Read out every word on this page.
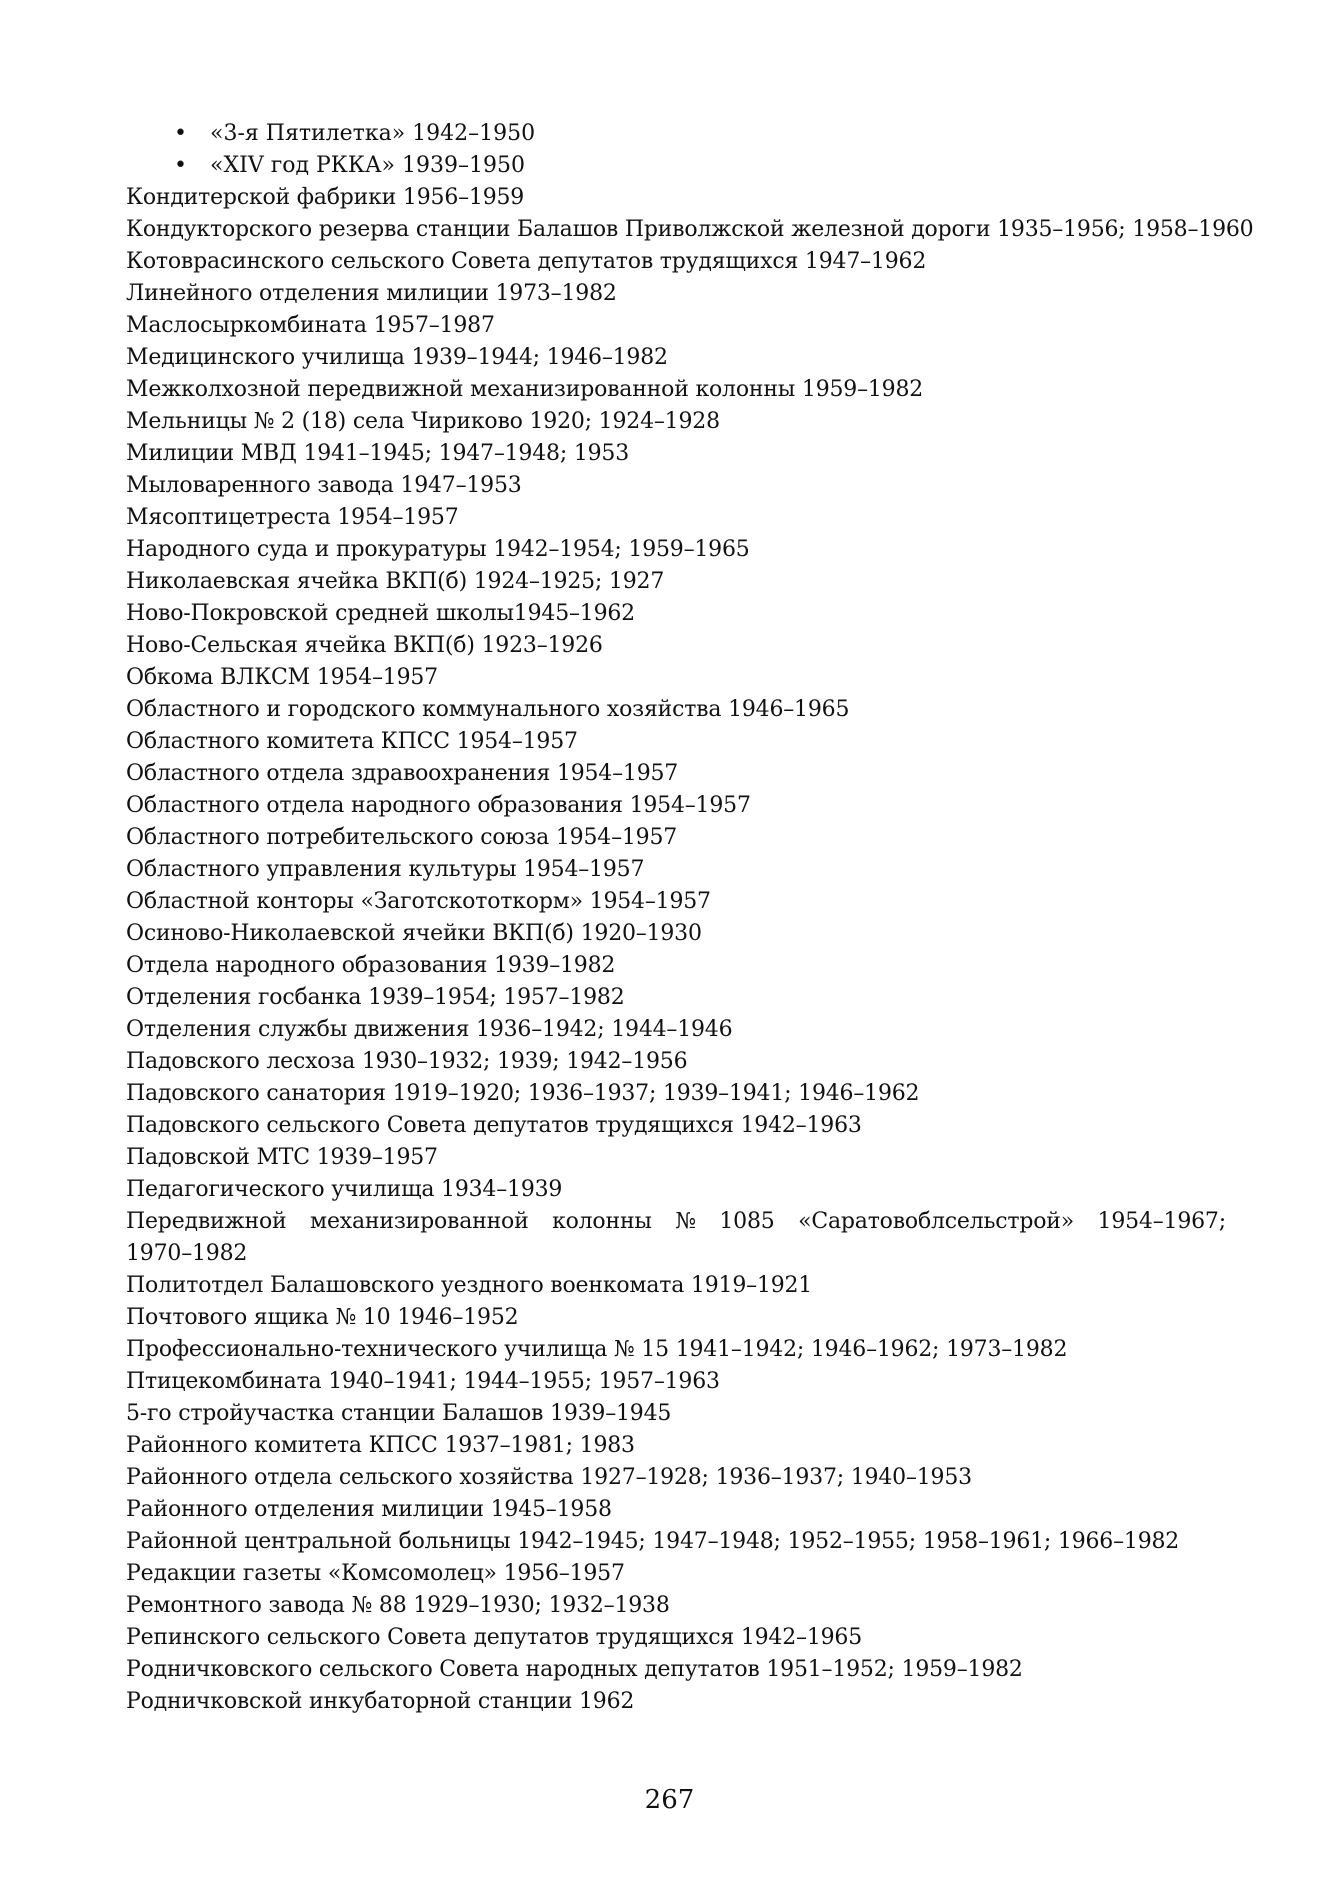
• «3-я Пятилетка» 1942–1950
• «XIV год РККА» 1939–1950
Кондитерской фабрики 1956–1959
Кондукторского резерва станции Балашов Приволжской железной дороги 1935–1956; 1958–1960
Котоврасинского сельского Совета депутатов трудящихся 1947–1962
Линейного отделения милиции 1973–1982
Маслосыркомбината 1957–1987
Медицинского училища 1939–1944; 1946–1982
Межколхозной передвижной механизированной колонны 1959–1982
Мельницы № 2 (18) села Чириково 1920; 1924–1928
Милиции МВД 1941–1945; 1947–1948; 1953
Мыловаренного завода 1947–1953
Мясоптицетреста 1954–1957
Народного суда и прокуратуры 1942–1954; 1959–1965
Николаевская ячейка ВКП(б) 1924–1925; 1927
Ново-Покровской средней школы1945–1962
Ново-Сельская ячейка ВКП(б) 1923–1926
Обкома ВЛКСМ 1954–1957
Областного и городского коммунального хозяйства 1946–1965
Областного комитета КПСС 1954–1957
Областного отдела здравоохранения 1954–1957
Областного отдела народного образования 1954–1957
Областного потребительского союза 1954–1957
Областного управления культуры 1954–1957
Областной конторы «Заготскототкорм» 1954–1957
Осиново-Николаевской ячейки ВКП(б) 1920–1930
Отдела народного образования 1939–1982
Отделения госбанка 1939–1954; 1957–1982
Отделения службы движения 1936–1942; 1944–1946
Падовского лесхоза 1930–1932; 1939; 1942–1956
Падовского санатория 1919–1920; 1936–1937; 1939–1941; 1946–1962
Падовского сельского Совета депутатов трудящихся 1942–1963
Падовской МТС 1939–1957
Педагогического училища 1934–1939
Передвижной механизированной колонны № 1085 «Саратовоблсельстрой» 1954–1967;
1970–1982
Политотдел Балашовского уездного военкомата 1919–1921
Почтового ящика № 10 1946–1952
Профессионально-технического училища № 15 1941–1942; 1946–1962; 1973–1982
Птицекомбината 1940–1941; 1944–1955; 1957–1963
5-го стройучастка станции Балашов 1939–1945
Районного комитета КПСС 1937–1981; 1983
Районного отдела сельского хозяйства 1927–1928; 1936–1937; 1940–1953
Районного отделения милиции 1945–1958
Районной центральной больницы 1942–1945; 1947–1948; 1952–1955; 1958–1961; 1966–1982
Редакции газеты «Комсомолец» 1956–1957
Ремонтного завода № 88 1929–1930; 1932–1938
Репинского сельского Совета депутатов трудящихся 1942–1965
Родничковского сельского Совета народных депутатов 1951–1952; 1959–1982
Родничковской инкубаторной станции 1962
267
